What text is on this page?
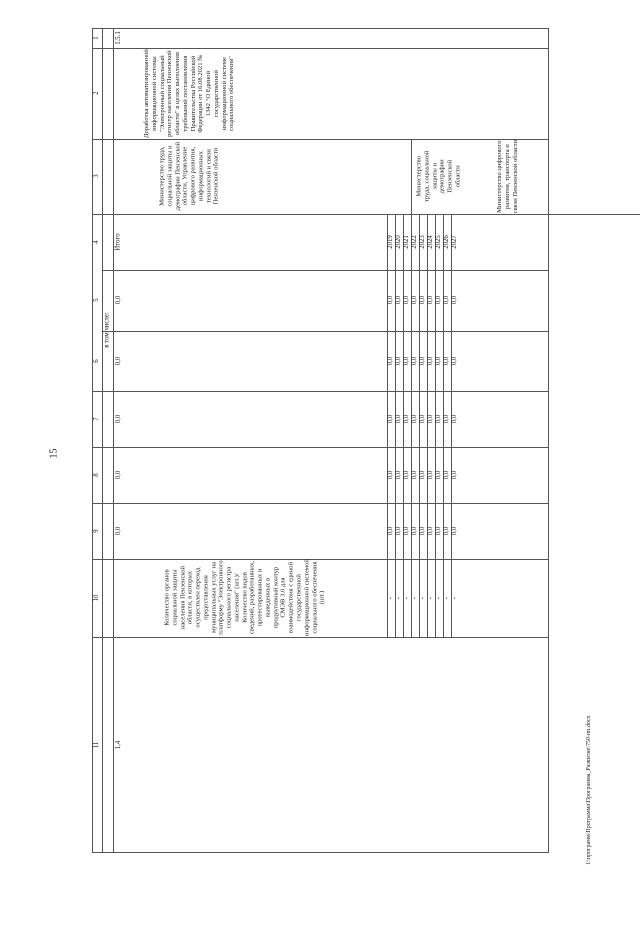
15
I:\программ\Программа\Программа_Развитие\750-пп.docx
1
2
3
4
5
6
7
8
9
10
11
в том числе:
1.5.1
Доработка автоматизированной информационной системы "Электронный социальный регистр населения Пензенской области" в целях выполнения требований постановления Правительства Российской Федерации от 16.08.2021 № 1342 "О Единой государственной информационной системе социального обеспечения"
Министерство труда, социальной защиты и демографии Пензенской области, Управление цифрового развития, информационных технологий и связи Пензенской области
Итого
0,0
0,0
0,0
0,0
0,0
Количество органов социальной защиты населения Пензенской области, в которых осуществлен переход предоставления муниципальных услуг на платформу "Электронного социального регистра населения" (шт.)/ Количество видов сведений, разработанных, протестированных и выведенных в продуктивный контур СМЭВ 3.0 для взаимодействия с единой государственной информационной системой социального обеспечения (шт.)
1,4
Министерство труда, социальной защиты и демографии Пензенской области	Министерство цифрового развития, транспорта и связи Пензенской области
2019
0,0
0,0
0,0
0,0
0,0
-
2020
0,0
0,0
0,0
0,0
0,0
-
2021
0,0
0,0
0,0
0,0
0,0
-
2022
0,0
0,0
0,0
0,0
0,0
-
2023
0,0
0,0
0,0
0,0
0,0
-
2024
0,0
0,0
0,0
0,0
0,0
-
2025
0,0
0,0
0,0
0,0
0,0
-
2026
0,0
0,0
0,0
0,0
0,0
-
2027
0,0
0,0
0,0
0,0
0,0
-
